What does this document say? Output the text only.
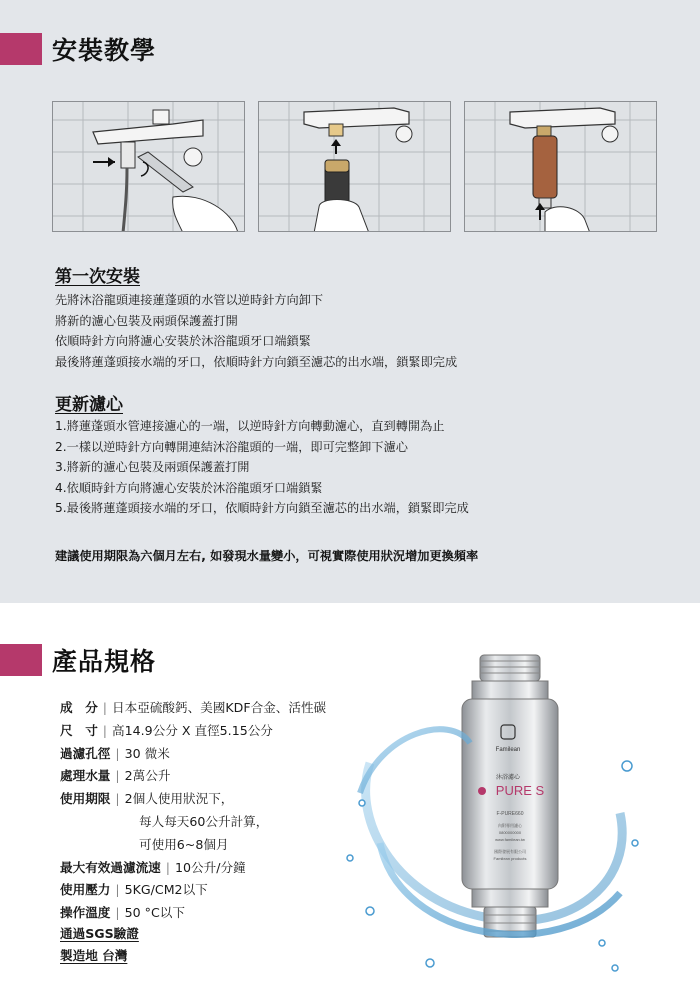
安裝教學
第一次安裝
先將沐浴龍頭連接蓮蓬頭的水管以逆時針方向卸下
將新的濾心包裝及兩頭保護蓋打開
依順時針方向將濾心安裝於沐浴龍頭牙口端鎖緊
最後將蓮蓬頭接水端的牙口，依順時針方向鎖至濾芯的出水端，鎖緊即完成
更新濾心
1.將蓮蓬頭水管連接濾心的一端，以逆時針方向轉動濾心，直到轉開為止
2.一樣以逆時針方向轉開連結沐浴龍頭的一端，即可完整卸下濾心
3.將新的濾心包裝及兩頭保護蓋打開
4.依順時針方向將濾心安裝於沐浴龍頭牙口端鎖緊
5.最後將蓮蓬頭接水端的牙口，依順時針方向鎖至濾芯的出水端，鎖緊即完成
建議使用期限為六個月左右, 如發現水量變小，可視實際使用狀況增加更換頻率
產品規格
成　分 | 日本亞硫酸鈣、美國KDF合金、活性碳
尺　寸 | 高14.9公分 X 直徑5.15公分
過濾孔徑 | 30 微米
處理水量 | 2萬公升
使用期限 | 2個人使用狀況下，
每人每天60公升計算，
可使用6~8個月
最大有效過濾流速 | 10公升/分鐘
使用壓力 | 5KG/CM2以下
操作溫度 | 50 °C以下
通過SGS驗證
製造地 台灣
Familean
沐浴濾心
PURE S
F-PURE660
內附專用濾心
0800000000
www.familean.tw
國際發展有限公司
Familean products
